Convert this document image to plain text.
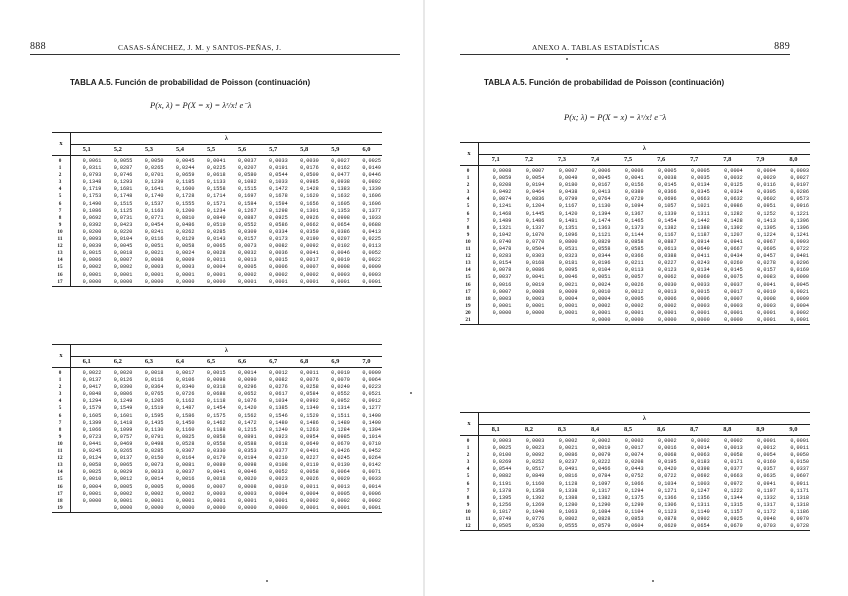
888	CASAS-SÁNCHEZ, J. M. y SANTOS-PEÑAS, J.
TABLA A.5. Función de probabilidad de Poisson (continuación)
P(x, λ) = P(X = x) = λˣ/x! e⁻λ
x	λ									
	5,1	5,2	5,3	5,4	5,5	5,6	5,7	5,8	5,9	6,0
0	0,0061	0,0055	0,0050	0,0045	0,0041	0,0037	0,0033	0,0030	0,0027	0,0025
1	0,0311	0,0287	0,0265	0,0244	0,0225	0,0207	0,0191	0,0176	0,0162	0,0149
2	0,0793	0,0746	0,0701	0,0659	0,0618	0,0580	0,0544	0,0509	0,0477	0,0446
3	0,1348	0,1293	0,1239	0,1185	0,1133	0,1082	0,1033	0,0985	0,0938	0,0892
4	0,1719	0,1681	0,1641	0,1600	0,1558	0,1515	0,1472	0,1428	0,1383	0,1339
5	0,1753	0,1748	0,1740	0,1728	0,1714	0,1697	0,1678	0,1620	0,1632	0,1606
6	0,1490	0,1515	0,1537	0,1555	0,1571	0,1584	0,1594	0,1656	0,1605	0,1606
7	0,1086	0,1125	0,1163	0,1200	0,1234	0,1267	0,1298	0,1301	0,1353	0,1377
8	0,0692	0,0731	0,0771	0,0810	0,0849	0,0887	0,0925	0,0926	0,0998	0,1033
9	0,0392	0,0423	0,0454	0,0486	0,0519	0,0552	0,0586	0,0662	0,0654	0,0688
10	0,0200	0,0220	0,0241	0,0262	0,0285	0,0309	0,0334	0,0359	0,0386	0,0413
11	0,0093	0,0104	0,0116	0,0129	0,0143	0,0157	0,0173	0,0190	0,0207	0,0225
12	0,0039	0,0045	0,0051	0,0058	0,0065	0,0073	0,0082	0,0092	0,0102	0,0113
13	0,0015	0,0018	0,0021	0,0024	0,0028	0,0032	0,0036	0,0041	0,0046	0,0052
14	0,0006	0,0007	0,0008	0,0009	0,0011	0,0013	0,0015	0,0017	0,0019	0,0022
15	0,0002	0,0002	0,0003	0,0003	0,0004	0,0005	0,0006	0,0007	0,0008	0,0009
16	0,0001	0,0001	0,0001	0,0001	0,0001	0,0002	0,0002	0,0002	0,0003	0,0003
17	0,0000	0,0000	0,0000	0,0000	0,0000	0,0001	0,0001	0,0001	0,0001	0,0001
x	λ									
	6,1	6,2	6,3	6,4	6,5	6,6	6,7	6,8	6,9	7,0
0	0,0022	0,0020	0,0018	0,0017	0,0015	0,0014	0,0012	0,0011	0,0010	0,0009
1	0,0137	0,0126	0,0116	0,0106	0,0098	0,0090	0,0082	0,0076	0,0070	0,0064
2	0,0417	0,0390	0,0364	0,0340	0,0318	0,0296	0,0276	0,0258	0,0240	0,0223
3	0,0848	0,0806	0,0765	0,0726	0,0688	0,0652	0,0617	0,0584	0,0552	0,0521
4	0,1294	0,1249	0,1205	0,1162	0,1118	0,1076	0,1034	0,0992	0,0952	0,0912
5	0,1579	0,1549	0,1519	0,1487	0,1454	0,1420	0,1385	0,1349	0,1314	0,1277
6	0,1605	0,1601	0,1595	0,1586	0,1575	0,1562	0,1546	0,1529	0,1511	0,1490
7	0,1399	0,1418	0,1435	0,1450	0,1462	0,1472	0,1480	0,1486	0,1489	0,1490
8	0,1066	0,1099	0,1130	0,1160	0,1188	0,1215	0,1240	0,1263	0,1284	0,1304
9	0,0723	0,0757	0,0791	0,0825	0,0858	0,0891	0,0923	0,0954	0,0985	0,1014
10	0,0441	0,0469	0,0498	0,0528	0,0558	0,0588	0,0618	0,0649	0,0679	0,0710
11	0,0245	0,0265	0,0285	0,0307	0,0330	0,0353	0,0377	0,0401	0,0426	0,0452
12	0,0124	0,0137	0,0150	0,0164	0,0179	0,0194	0,0210	0,0227	0,0245	0,0264
13	0,0058	0,0065	0,0073	0,0081	0,0089	0,0098	0,0108	0,0119	0,0130	0,0142
14	0,0025	0,0029	0,0033	0,0037	0,0041	0,0046	0,0052	0,0058	0,0064	0,0071
15	0,0010	0,0012	0,0014	0,0016	0,0018	0,0020	0,0023	0,0026	0,0029	0,0033
16	0,0004	0,0005	0,0005	0,0006	0,0007	0,0008	0,0010	0,0011	0,0013	0,0014
17	0,0001	0,0002	0,0002	0,0002	0,0003	0,0003	0,0004	0,0004	0,0005	0,0006
18	0,0000	0,0001	0,0001	0,0001	0,0001	0,0001	0,0001	0,0002	0,0002	0,0002
19		0,0000	0,0000	0,0000	0,0000	0,0000	0,0000	0,0001	0,0001	0,0001
ANEXO A. TABLAS ESTADÍSTICAS	889
TABLA A.5. Función de probabilidad de Poisson (continuación)
P(x; λ) = P(X = x) = λˣ/x! e⁻λ
x	λ									
	7,1	7,2	7,3	7,4	7,5	7,6	7,7	7,8	7,9	8,0
0	0,0008	0,0007	0,0007	0,0006	0,0006	0,0005	0,0005	0,0004	0,0004	0,0003
1	0,0059	0,0054	0,0049	0,0045	0,0041	0,0038	0,0035	0,0032	0,0029	0,0027
2	0,0208	0,0194	0,0180	0,0167	0,0156	0,0145	0,0134	0,0125	0,0116	0,0107
3	0,0492	0,0464	0,0438	0,0413	0,0389	0,0366	0,0345	0,0324	0,0305	0,0286
4	0,0874	0,0836	0,0799	0,0764	0,0729	0,0696	0,0663	0,0632	0,0602	0,0573
5	0,1241	0,1204	0,1167	0,1130	0,1094	0,1057	0,1021	0,0986	0,0951	0,0916
6	0,1468	0,1445	0,1420	0,1394	0,1367	0,1339	0,1311	0,1282	0,1252	0,1221
7	0,1489	0,1486	0,1481	0,1474	0,1465	0,1454	0,1442	0,1428	0,1413	0,1396
8	0,1321	0,1337	0,1351	0,1363	0,1373	0,1382	0,1388	0,1392	0,1395	0,1396
9	0,1042	0,1070	0,1096	0,1121	0,1144	0,1167	0,1187	0,1207	0,1224	0,1241
10	0,0740	0,0770	0,0800	0,0829	0,0858	0,0887	0,0914	0,0941	0,0967	0,0993
11	0,0478	0,0504	0,0531	0,0558	0,0585	0,0613	0,0640	0,0667	0,0695	0,0722
12	0,0283	0,0303	0,0323	0,0344	0,0366	0,0388	0,0411	0,0434	0,0457	0,0481
13	0,0154	0,0168	0,0181	0,0196	0,0211	0,0227	0,0243	0,0260	0,0278	0,0296
14	0,0078	0,0086	0,0095	0,0104	0,0113	0,0123	0,0134	0,0145	0,0157	0,0169
15	0,0037	0,0041	0,0046	0,0051	0,0057	0,0062	0,0069	0,0075	0,0083	0,0090
16	0,0016	0,0019	0,0021	0,0024	0,0026	0,0030	0,0033	0,0037	0,0041	0,0045
17	0,0007	0,0008	0,0009	0,0010	0,0012	0,0013	0,0015	0,0017	0,0019	0,0021
18	0,0003	0,0003	0,0004	0,0004	0,0005	0,0006	0,0006	0,0007	0,0008	0,0009
19	0,0001	0,0001	0,0001	0,0002	0,0002	0,0002	0,0003	0,0003	0,0003	0,0004
20	0,0000	0,0000	0,0001	0,0001	0,0001	0,0001	0,0001	0,0001	0,0001	0,0002
21				0,0000	0,0000	0,0000	0,0000	0,0000	0,0001	0,0001
x	λ									
	8,1	8,2	8,3	8,4	8,5	8,6	8,7	8,8	8,9	9,0
0	0,0003	0,0003	0,0002	0,0002	0,0002	0,0002	0,0002	0,0002	0,0001	0,0001
1	0,0025	0,0023	0,0021	0,0019	0,0017	0,0016	0,0014	0,0013	0,0012	0,0011
2	0,0100	0,0092	0,0086	0,0079	0,0074	0,0068	0,0063	0,0058	0,0054	0,0050
3	0,0269	0,0252	0,0237	0,0222	0,0208	0,0195	0,0183	0,0171	0,0160	0,0150
4	0,0544	0,0517	0,0491	0,0466	0,0443	0,0420	0,0398	0,0377	0,0357	0,0337
5	0,0882	0,0849	0,0816	0,0784	0,0752	0,0722	0,0692	0,0663	0,0635	0,0607
6	0,1191	0,1160	0,1128	0,1097	0,1066	0,1034	0,1003	0,0972	0,0941	0,0911
7	0,1378	0,1358	0,1338	0,1317	0,1294	0,1271	0,1247	0,1222	0,1197	0,1171
8	0,1395	0,1392	0,1388	0,1382	0,1375	0,1366	0,1356	0,1344	0,1332	0,1318
9	0,1256	0,1269	0,1280	0,1290	0,1299	0,1306	0,1311	0,1315	0,1317	0,1318
10	0,1017	0,1040	0,1063	0,1084	0,1104	0,1123	0,1140	0,1157	0,1172	0,1186
11	0,0749	0,0776	0,0802	0,0828	0,0853	0,0878	0,0902	0,0925	0,0948	0,0970
12	0,0505	0,0530	0,0555	0,0579	0,0604	0,0629	0,0654	0,0679	0,0703	0,0728
